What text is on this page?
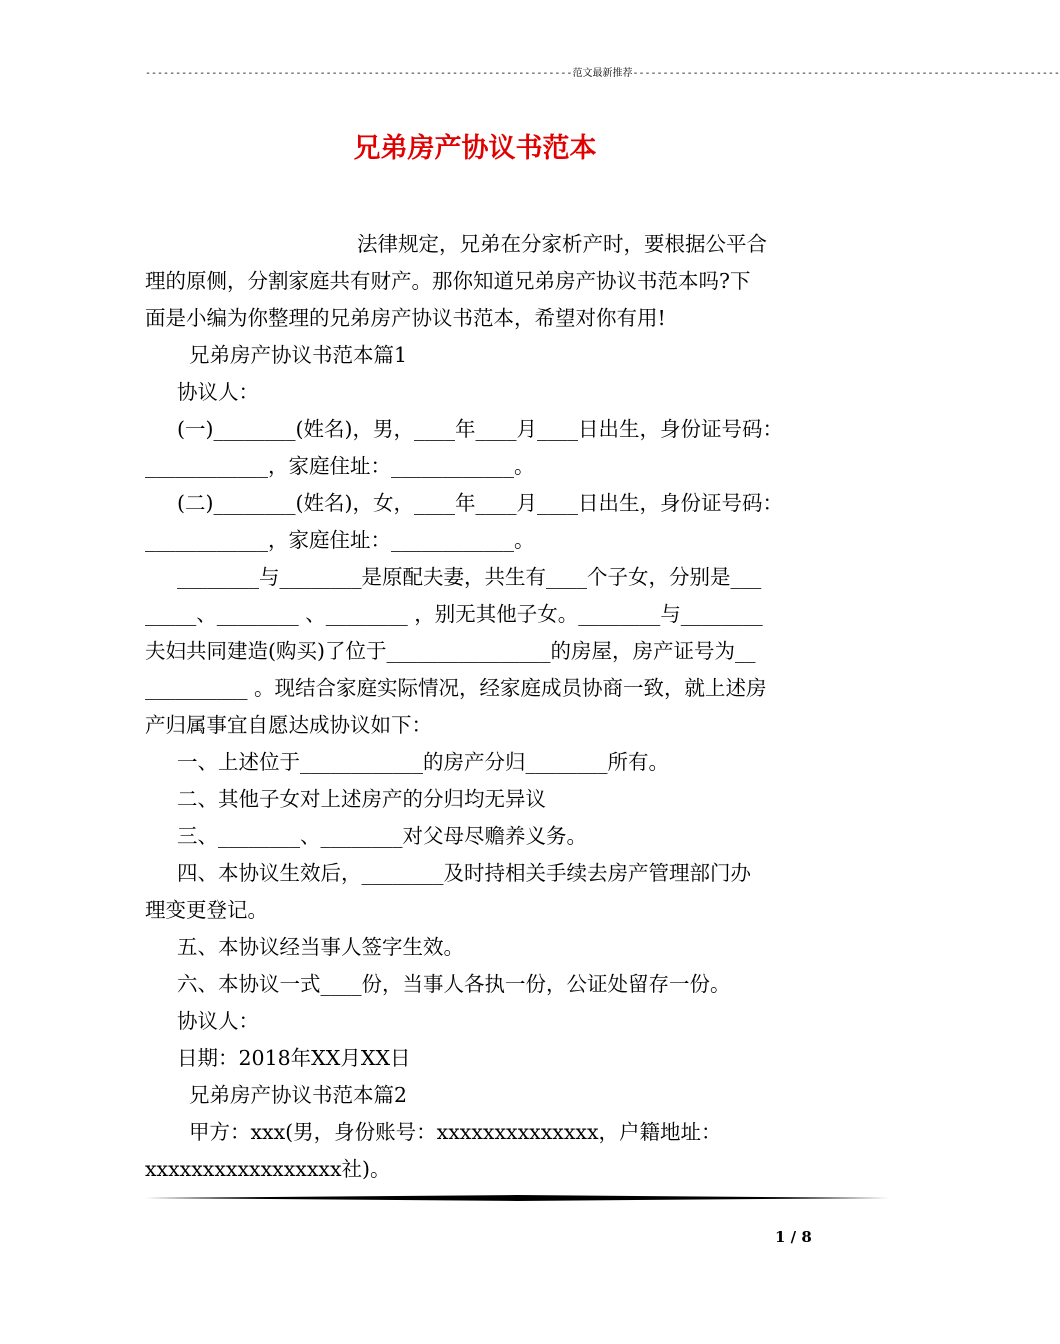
-----------------------------------------------------------------------范文最新推荐-----------------------------------------------------------------------
兄弟房产协议书范本
法律规定，兄弟在分家析产时，要根据公平合
理的原侧，分割家庭共有财产。那你知道兄弟房产协议书范本吗?下
面是小编为你整理的兄弟房产协议书范本，希望对你有用!
兄弟房产协议书范本篇1
协议人：
(一)________(姓名)，男，____年____月____日出生，身份证号码：
____________，家庭住址：____________。
(二)________(姓名)，女，____年____月____日出生，身份证号码：
____________，家庭住址：____________。
________与________是原配夫妻，共生有____个子女，分别是___
_____、________ 、________ ，别无其他子女。________与________
夫妇共同建造(购买)了位于________________的房屋，房产证号为__
__________ 。现结合家庭实际情况，经家庭成员协商一致，就上述房
产归属事宜自愿达成协议如下：
一、上述位于____________的房产分归________所有。
二、其他子女对上述房产的分归均无异议
三、________、________对父母尽赡养义务。
四、本协议生效后，________及时持相关手续去房产管理部门办
理变更登记。
五、本协议经当事人签字生效。
六、本协议一式____份，当事人各执一份，公证处留存一份。
协议人：
日期：2018年XX月XX日
兄弟房产协议书范本篇2
甲方：xxx(男，身份账号：xxxxxxxxxxxxxx，户籍地址：
xxxxxxxxxxxxxxxxx社)。
1 / 8
